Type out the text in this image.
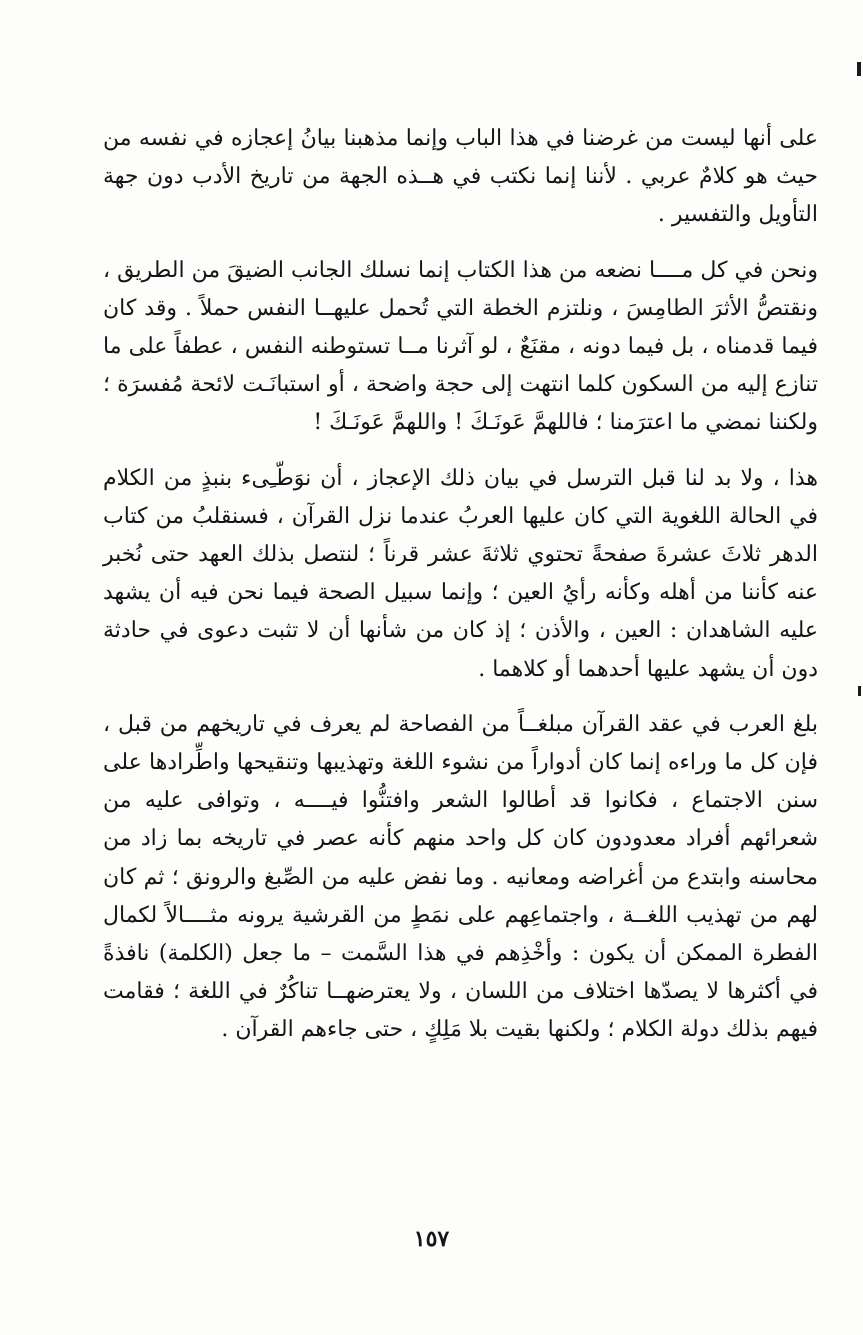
على أنها ليست من غرضنا في هذا الباب وإنما مذهبنا بيانُ إعجازه في نفسه من حيث هو كلامٌ عربي . لأننا إنما نكتب في هــذه الجهة من تاريخ الأدب دون جهة التأويل والتفسير .

ونحن في كل مــــا نضعه من هذا الكتاب إنما نسلك الجانب الضيقَ من الطريق ، ونقتصُّ الأثرَ الطامِسَ ، ونلتزم الخطة التي تُحمل عليهــا النفس حملاً . وقد كان فيما قدمناه ، بل فيما دونه ، مقنَعٌ ، لو آثرنا مــا تستوطنه النفس ، عطفاً على ما تنازع إليه من السكون كلما انتهت إلى حجة واضحة ، أو استبانَـت لائحة مُفسرَة ؛ ولكننا نمضي ما اعترَمنا ؛ فاللهمَّ عَونَـكَ ! واللهمَّ عَونَـكَ !

هذا ، ولا بد لنا قبل الترسل في بيان ذلك الإعجاز ، أن نوَطّـِىء بنبذٍ من الكلام في الحالة اللغوية التي كان عليها العربُ عندما نزل القرآن ، فسنقلبُ من كتاب الدهر ثلاثَ عشرةَ صفحةً تحتوي ثلاثةَ عشر قرناً ؛ لنتصل بذلك العهد حتى نُخبر عنه كأننا من أهله وكأنه رأيُ العين ؛ وإنما سبيل الصحة فيما نحن فيه أن يشهد عليه الشاهدان : العين ، والأذن ؛ إذ كان من شأنها أن لا تثبت دعوى في حادثة دون أن يشهد عليها أحدهما أو كلاهما .

بلغ العرب في عقد القرآن مبلغــاً من الفصاحة لم يعرف في تاريخهم من قبل ، فإن كل ما وراءه إنما كان أدواراً من نشوء اللغة وتهذيبها وتنقيحها واطِّرادها على سنن الاجتماع ، فكانوا قد أطالوا الشعر وافتنُّوا فيــــه ، وتوافى عليه من شعرائهم أفراد معدودون كان كل واحد منهم كأنه عصر في تاريخه بما زاد من محاسنه وابتدع من أغراضه ومعانيه . وما نفض عليه من الصِّبغ والرونق ؛ ثم كان لهم من تهذيب اللغــة ، واجتماعِهم على نمَطٍ من القرشية يرونه مثــــالاً لكمال الفطرة الممكن أن يكون : وأخْذِهم في هذا السَّمت – ما جعل (الكلمة) نافذةً في أكثرها لا يصدّها اختلاف من اللسان ، ولا يعترضهــا تناكُرٌ في اللغة ؛ فقامت فيهم بذلك دولة الكلام ؛ ولكنها بقيت بلا مَلِكٍ ، حتى جاءهم القرآن .

١٥٧
